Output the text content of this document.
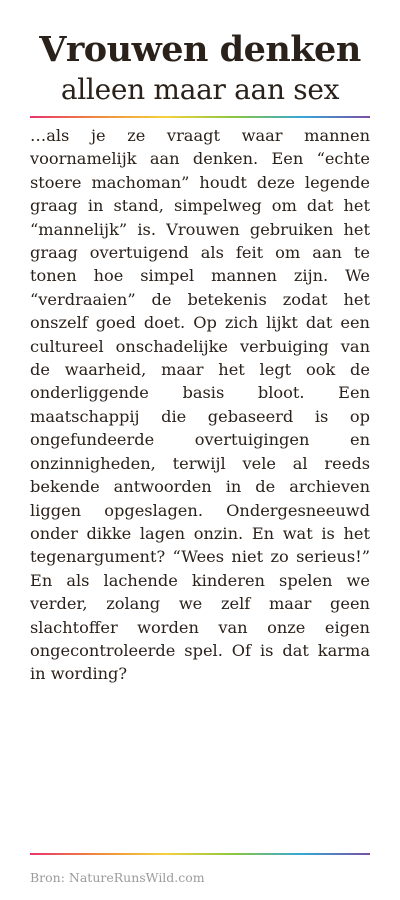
Vrouwen denken
alleen maar aan sex

…als je ze vraagt waar mannen voornamelijk aan denken. Een “echte stoere machoman” houdt deze legende graag in stand, simpelweg om dat het “mannelijk” is. Vrouwen gebruiken het graag overtuigend als feit om aan te tonen hoe simpel mannen zijn. We “verdraaien” de betekenis zodat het onszelf goed doet. Op zich lijkt dat een cultureel onschadelijke verbuiging van de waarheid, maar het legt ook de onderliggende basis bloot. Een maatschappij die gebaseerd is op ongefundeerde overtuigingen en onzinnigheden, terwijl vele al reeds bekende antwoorden in de archieven liggen opgeslagen. Ondergesneeuwd onder dikke lagen onzin. En wat is het tegenargument? “Wees niet zo serieus!” En als lachende kinderen spelen we verder, zolang we zelf maar geen slachtoffer worden van onze eigen ongecontroleerde spel. Of is dat karma in wording?

Bron: NatureRunsWild.com
